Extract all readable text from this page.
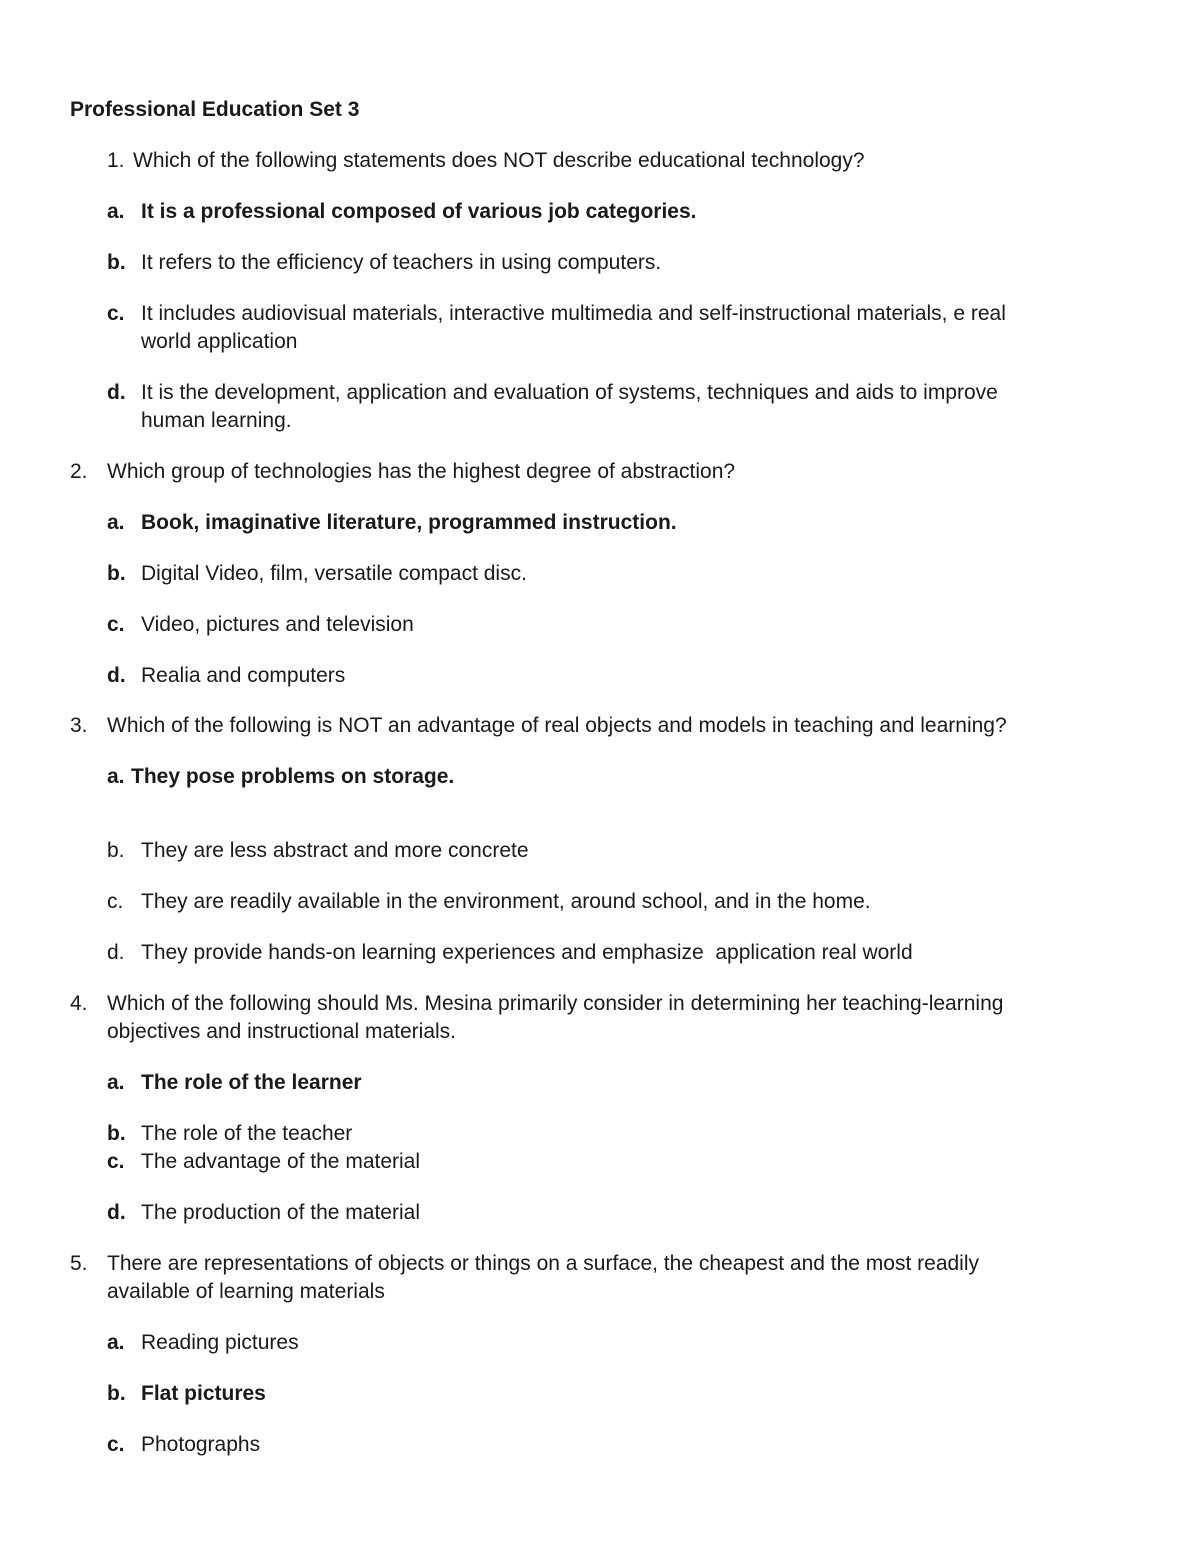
Professional Education Set 3
1. Which of the following statements does NOT describe educational technology?
a. It is a professional composed of various job categories.
b. It refers to the efficiency of teachers in using computers.
c. It includes audiovisual materials, interactive multimedia and self-instructional materials, e real
world application
d. It is the development, application and evaluation of systems, techniques and aids to improve
human learning.
2. Which group of technologies has the highest degree of abstraction?
a. Book, imaginative literature, programmed instruction.
b. Digital Video, film, versatile compact disc.
c. Video, pictures and television
d. Realia and computers
3. Which of the following is NOT an advantage of real objects and models in teaching and learning?
a. They pose problems on storage.
b. They are less abstract and more concrete
c. They are readily available in the environment, around school, and in the home.
d. They provide hands-on learning experiences and emphasize  application real world
4. Which of the following should Ms. Mesina primarily consider in determining her teaching-learning
objectives and instructional materials.
a. The role of the learner
b. The role of the teacher
c. The advantage of the material
d. The production of the material
5. There are representations of objects or things on a surface, the cheapest and the most readily
available of learning materials
a. Reading pictures
b. Flat pictures
c. Photographs
